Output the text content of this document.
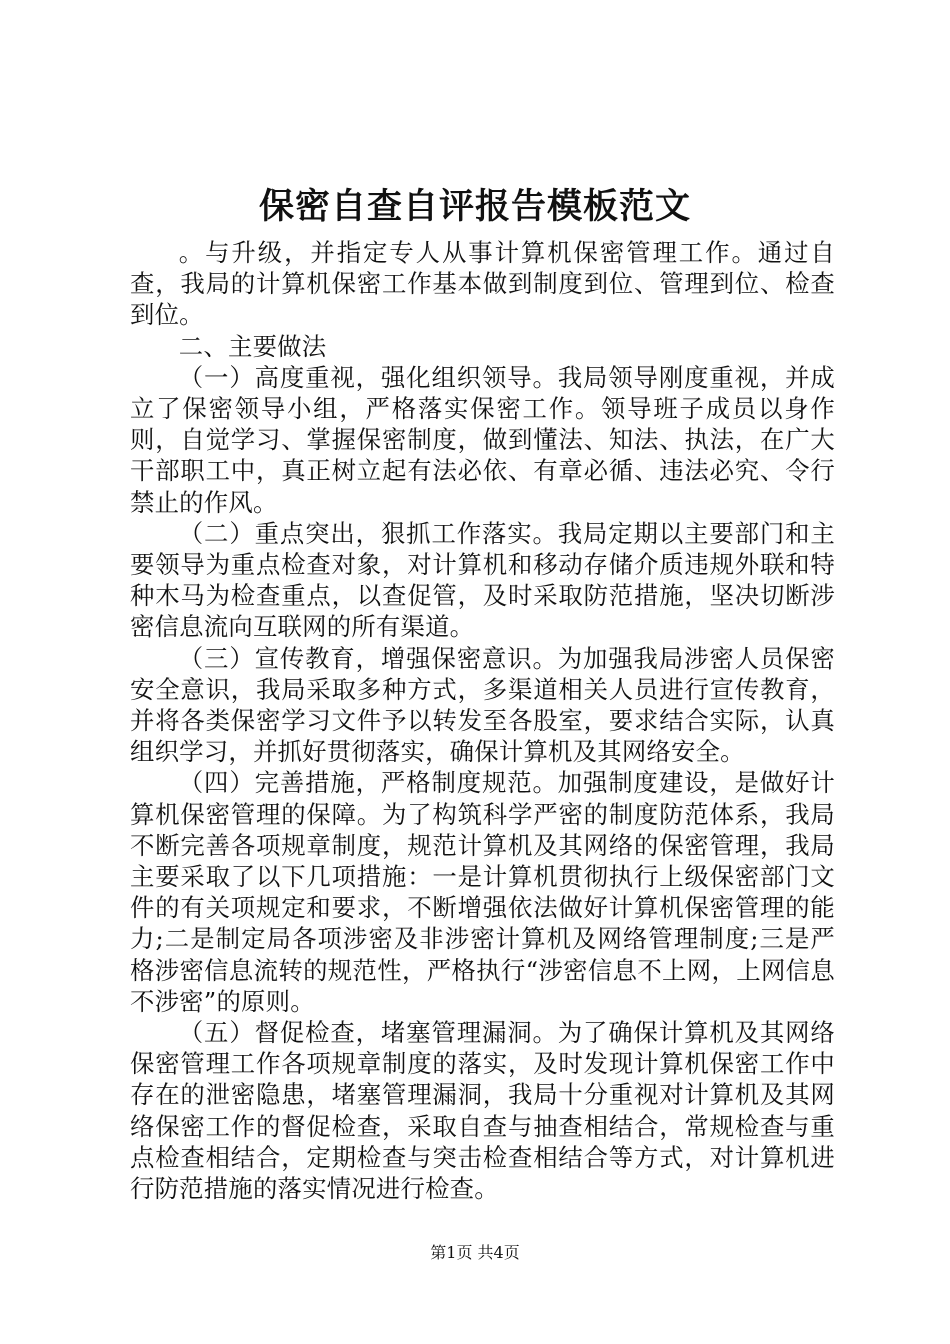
保密自查自评报告模板范文

。与升级，并指定专人从事计算机保密管理工作。通过自查，我局的计算机保密工作基本做到制度到位、管理到位、检查到位。

二、主要做法

（一）高度重视，强化组织领导。我局领导刚度重视，并成立了保密领导小组，严格落实保密工作。领导班子成员以身作则，自觉学习、掌握保密制度，做到懂法、知法、执法，在广大干部职工中，真正树立起有法必依、有章必循、违法必究、令行禁止的作风。

（二）重点突出，狠抓工作落实。我局定期以主要部门和主要领导为重点检查对象，对计算机和移动存储介质违规外联和特种木马为检查重点，以查促管，及时采取防范措施，坚决切断涉密信息流向互联网的所有渠道。

（三）宣传教育，增强保密意识。为加强我局涉密人员保密安全意识，我局采取多种方式，多渠道相关人员进行宣传教育，并将各类保密学习文件予以转发至各股室，要求结合实际，认真组织学习，并抓好贯彻落实，确保计算机及其网络安全。

（四）完善措施，严格制度规范。加强制度建设，是做好计算机保密管理的保障。为了构筑科学严密的制度防范体系，我局不断完善各项规章制度，规范计算机及其网络的保密管理，我局主要采取了以下几项措施：一是计算机贯彻执行上级保密部门文件的有关项规定和要求，不断增强依法做好计算机保密管理的能力;二是制定局各项涉密及非涉密计算机及网络管理制度;三是严格涉密信息流转的规范性，严格执行“涉密信息不上网，上网信息不涉密”的原则。

（五）督促检查，堵塞管理漏洞。为了确保计算机及其网络保密管理工作各项规章制度的落实，及时发现计算机保密工作中存在的泄密隐患，堵塞管理漏洞，我局十分重视对计算机及其网络保密工作的督促检查，采取自查与抽查相结合，常规检查与重点检查相结合，定期检查与突击检查相结合等方式，对计算机进行防范措施的落实情况进行检查。

第1页 共4页
